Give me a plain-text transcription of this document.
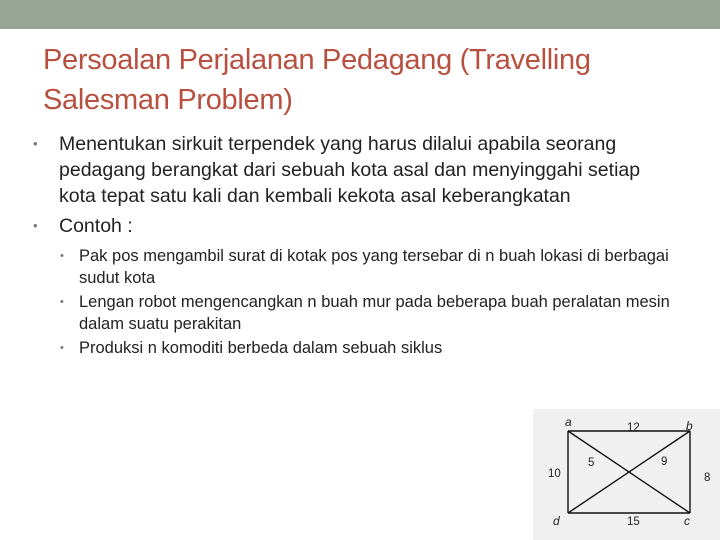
Persoalan Perjalanan Pedagang (Travelling Salesman Problem)
• Menentukan sirkuit terpendek yang harus dilalui apabila seorang pedagang berangkat dari sebuah kota asal dan menyinggahi setiap kota tepat satu kali dan kembali kekota asal keberangkatan
• Contoh :
• Pak pos mengambil surat di kotak pos yang tersebar di n buah lokasi di berbagai sudut kota
• Lengan robot mengencangkan n buah mur pada beberapa buah peralatan mesin dalam suatu perakitan
• Produksi n komoditi berbeda dalam sebuah siklus
a	b
c
d
12
10
5	9
8
15
